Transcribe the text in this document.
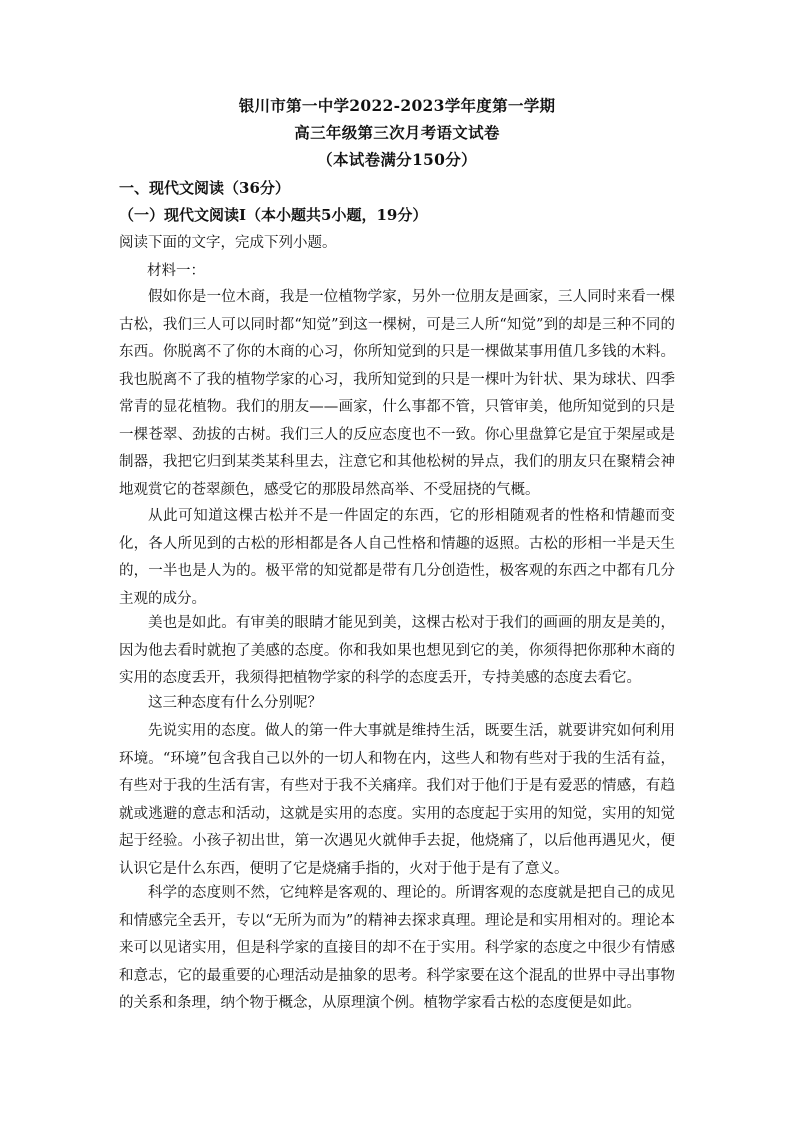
银川市第一中学2022-2023学年度第一学期
高三年级第三次月考语文试卷
（本试卷满分150分）
一、现代文阅读（36分）
（一）现代文阅读Ⅰ（本小题共5小题，19分）
阅读下面的文字，完成下列小题。
材料一：

假如你是一位木商，我是一位植物学家，另外一位朋友是画家，三人同时来看一棵古松，我们三人可以同时都“知觉”到这一棵树，可是三人所“知觉”到的却是三种不同的东西。你脱离不了你的木商的心习，你所知觉到的只是一棵做某事用值几多钱的木料。我也脱离不了我的植物学家的心习，我所知觉到的只是一棵叶为针状、果为球状、四季常青的显花植物。我们的朋友——画家，什么事都不管，只管审美，他所知觉到的只是一棵苍翠、劲拔的古树。我们三人的反应态度也不一致。你心里盘算它是宜于架屋或是制器，我把它归到某类某科里去，注意它和其他松树的异点，我们的朋友只在聚精会神地观赏它的苍翠颜色，感受它的那股昂然高举、不受屈挠的气概。

从此可知道这棵古松并不是一件固定的东西，它的形相随观者的性格和情趣而变化，各人所见到的古松的形相都是各人自己性格和情趣的返照。古松的形相一半是天生的，一半也是人为的。极平常的知觉都是带有几分创造性，极客观的东西之中都有几分主观的成分。

美也是如此。有审美的眼睛才能见到美，这棵古松对于我们的画画的朋友是美的，因为他去看时就抱了美感的态度。你和我如果也想见到它的美，你须得把你那种木商的实用的态度丢开，我须得把植物学家的科学的态度丢开，专持美感的态度去看它。

这三种态度有什么分别呢？

先说实用的态度。做人的第一件大事就是维持生活，既要生活，就要讲究如何利用环境。“环境”包含我自己以外的一切人和物在内，这些人和物有些对于我的生活有益，有些对于我的生活有害，有些对于我不关痛痒。我们对于他们于是有爱恶的情感，有趋就或逃避的意志和活动，这就是实用的态度。实用的态度起于实用的知觉，实用的知觉起于经验。小孩子初出世，第一次遇见火就伸手去捉，他烧痛了，以后他再遇见火，便认识它是什么东西，便明了它是烧痛手指的，火对于他于是有了意义。

科学的态度则不然，它纯粹是客观的、理论的。所谓客观的态度就是把自己的成见和情感完全丢开，专以“无所为而为”的精神去探求真理。理论是和实用相对的。理论本来可以见诸实用，但是科学家的直接目的却不在于实用。科学家的态度之中很少有情感和意志，它的最重要的心理活动是抽象的思考。科学家要在这个混乱的世界中寻出事物的关系和条理，纳个物于概念，从原理演个例。植物学家看古松的态度便是如此。
